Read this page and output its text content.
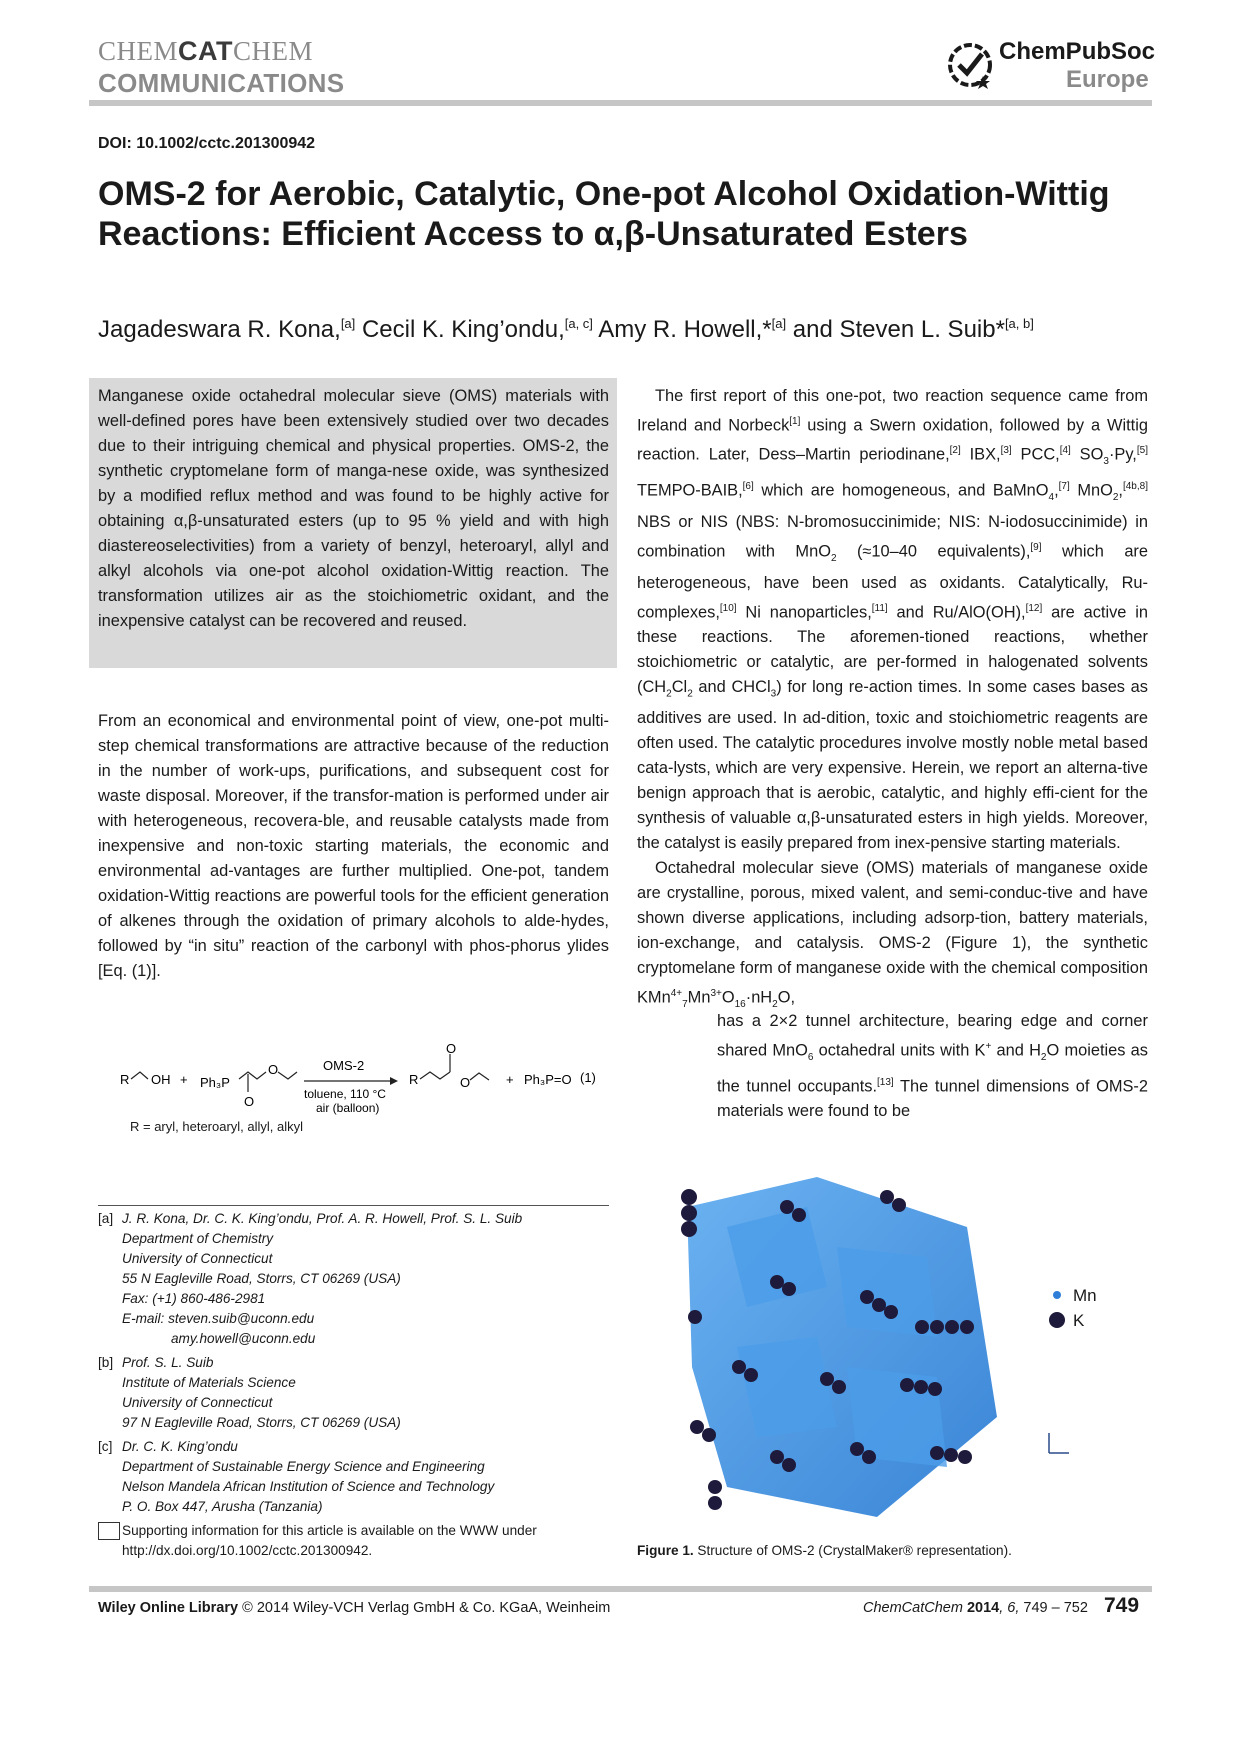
CHEMCATCHEM
COMMUNICATIONS
ChemPubSoc
Europe
DOI: 10.1002/cctc.201300942
OMS-2 for Aerobic, Catalytic, One-pot Alcohol Oxidation-Wittig Reactions: Efficient Access to α,β-Unsaturated Esters
Jagadeswara R. Kona,[a] Cecil K. King’ondu,[a, c] Amy R. Howell,*[a] and Steven L. Suib*[a, b]
Manganese oxide octahedral molecular sieve (OMS) materials with well-defined pores have been extensively studied over two decades due to their intriguing chemical and physical properties. OMS-2, the synthetic cryptomelane form of manga-nese oxide, was synthesized by a modified reflux method and was found to be highly active for obtaining α,β-unsaturated esters (up to 95 % yield and with high diastereoselectivities) from a variety of benzyl, heteroaryl, allyl and alkyl alcohols via one-pot alcohol oxidation-Wittig reaction. The transformation utilizes air as the stoichiometric oxidant, and the inexpensive catalyst can be recovered and reused.
From an economical and environmental point of view, one-pot multi-step chemical transformations are attractive because of the reduction in the number of work-ups, purifications, and subsequent cost for waste disposal. Moreover, if the transfor-mation is performed under air with heterogeneous, recovera-ble, and reusable catalysts made from inexpensive and non-toxic starting materials, the economic and environmental ad-vantages are further multiplied. One-pot, tandem oxidation-Wittig reactions are powerful tools for the efficient generation of alkenes through the oxidation of primary alcohols to alde-hydes, followed by “in situ” reaction of the carbonyl with phos-phorus ylides [Eq. (1)].

The first report of this one-pot, two reaction sequence came from Ireland and Norbeck[1] using a Swern oxidation, followed by a Wittig reaction. Later, Dess–Martin periodinane,[2] IBX,[3] PCC,[4] $SO_3\cdot Py,[5]$ TEMPO-BAIB,[6] which are homogeneous, and BaMnO$_4$,[7] MnO$_2$,[4b,8] NBS or NIS (NBS: N-bromosuccinimide; NIS: N-iodosuccinimide) in combination with MnO$_2$ (≈10–40 equivalents),[9] which are heterogeneous, have been used as oxidants. Catalytically, Ru-complexes,[10] Ni nanoparticles,[11] and Ru/AlO(OH),[12] are active in these reactions. The aforemen-tioned reactions, whether stoichiometric or catalytic, are per-formed in halogenated solvents ($CH_2Cl_2$ and CHCl$_3$) for long re-action times. In some cases bases as additives are used. In ad-dition, toxic and stoichiometric reagents are often used. The catalytic procedures involve mostly noble metal based cata-lysts, which are very expensive. Herein, we report an alterna-tive benign approach that is aerobic, catalytic, and highly effi-cient for the synthesis of valuable α,β-unsaturated esters in high yields. Moreover, the catalyst is easily prepared from inex-pensive starting materials.

Octahedral molecular sieve (OMS) materials of manganese oxide are crystalline, porous, mixed valent, and semi-conduc-tive and have shown diverse applications, including adsorp-tion, battery materials, ion-exchange, and catalysis. OMS-2 (Figure 1), the synthetic cryptomelane form of manganese oxide with the chemical composition $KMn^{4+}_7Mn^{3+}O_{16}\cdot nH_2O$,

has a 2×2 tunnel architecture, bearing edge and corner shared MnO$_6$ octahedral units with K+ and $H_2O$ moieties as the tunnel occupants.[13] The tunnel dimensions of OMS-2 materials were found to be
R OH + Ph₃P
O
O	OMS-2
toluene, 110 °C
air (balloon)
R
O
O	+ Ph₃P=O (1)
R = aryl, heteroaryl, allyl, alkyl
[a] J. R. Kona, Dr. C. K. King’ondu, Prof. A. R. Howell, Prof. S. L. Suib
Department of Chemistry
University of Connecticut
55 N Eagleville Road, Storrs, CT 06269 (USA)
Fax: (+1) 860-486-2981
E-mail: steven.suib@uconn.edu
amy.howell@uconn.edu
[b] Prof. S. L. Suib
Institute of Materials Science
University of Connecticut
97 N Eagleville Road, Storrs, CT 06269 (USA)
[c] Dr. C. K. King’ondu
Department of Sustainable Energy Science and Engineering
Nelson Mandela African Institution of Science and Technology
P. O. Box 447, Arusha (Tanzania)
Supporting information for this article is available on the WWW under
http://dx.doi.org/10.1002/cctc.201300942.
Mn
K
Figure 1. Structure of OMS-2 (CrystalMaker® representation).
Wiley Online Library © 2014 Wiley-VCH Verlag GmbH & Co. KGaA, Weinheim	ChemCatChem 2014, 6, 749 – 752 749
